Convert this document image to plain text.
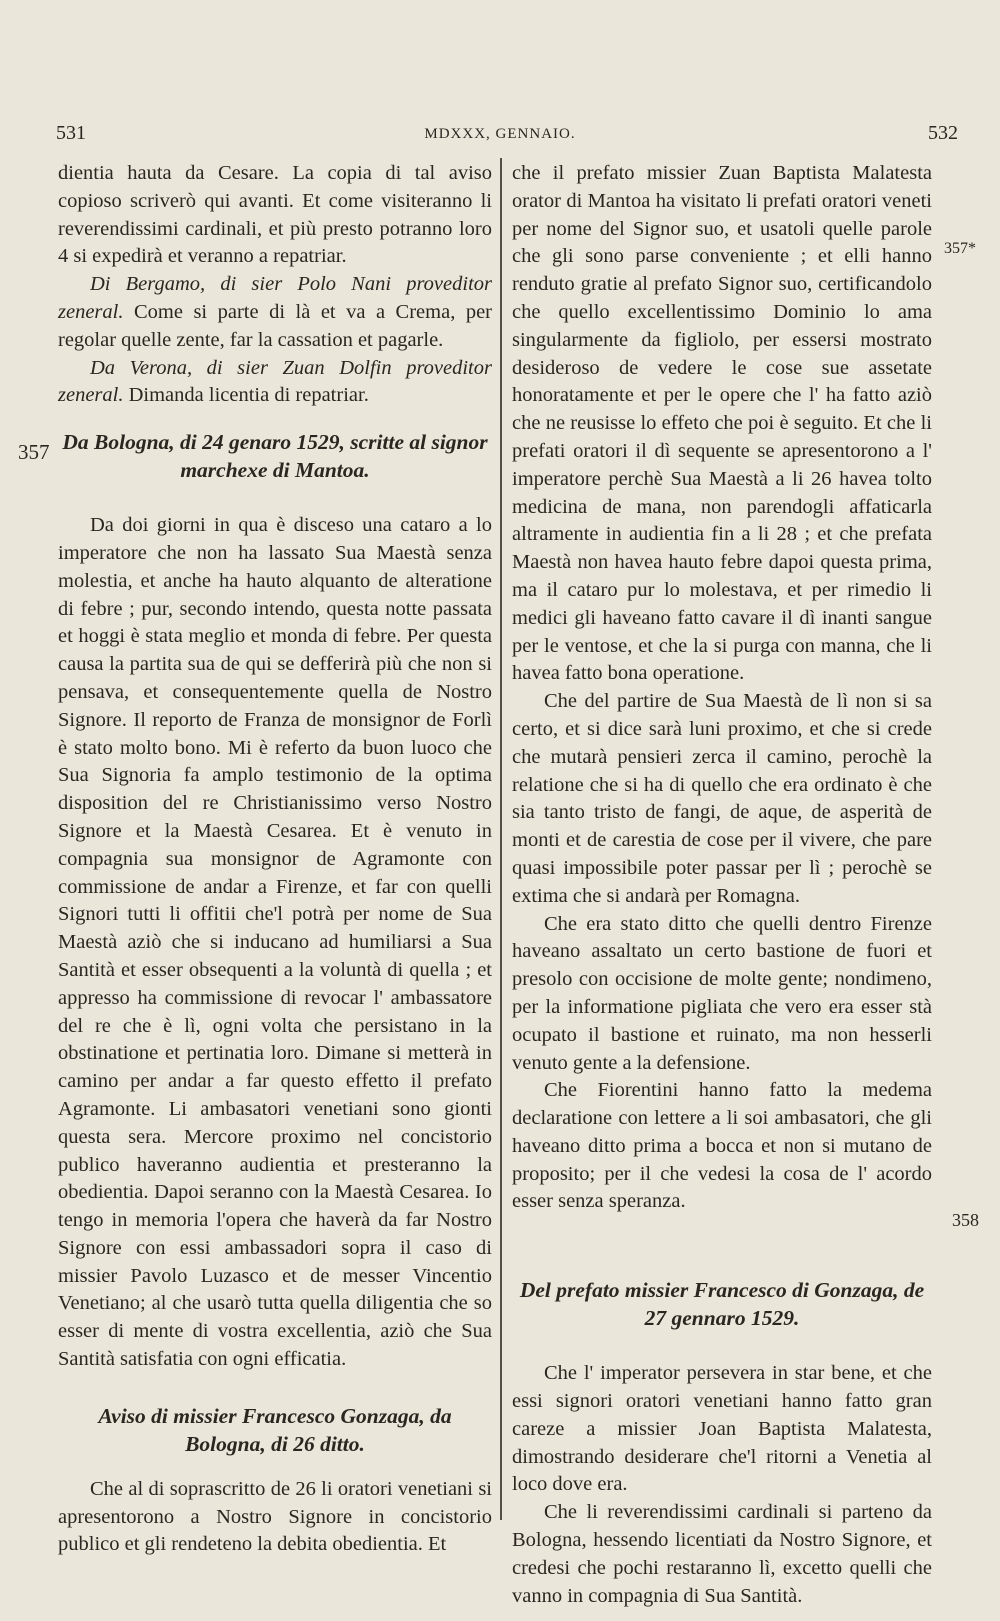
531	MDXXX, GENNAIO.	532
357
357*
358

dientia hauta da Cesare. La copia di tal aviso copioso scriverò qui avanti. Et come visiteranno li reverendissimi cardinali, et più presto potranno loro 4 si expedirà et veranno a repatriar.

Di Bergamo, di sier Polo Nani proveditor zeneral. Come si parte di là et va a Crema, per regolar quelle zente, far la cassation et pagarle.

Da Verona, di sier Zuan Dolfin proveditor zeneral. Dimanda licentia di repatriar.

Da Bologna, di 24 genaro 1529, scritte al signor marchexe di Mantoa.

Da doi giorni in qua è disceso una cataro a lo imperatore che non ha lassato Sua Maestà senza molestia, et anche ha hauto alquanto de alteratione di febre ; pur, secondo intendo, questa notte passata et hoggi è stata meglio et monda di febre. Per questa causa la partita sua de qui se defferirà più che non si pensava, et consequentemente quella de Nostro Signore. Il reporto de Franza de monsignor de Forlì è stato molto bono. Mi è referto da buon luoco che Sua Signoria fa amplo testimonio de la optima disposition del re Christianissimo verso Nostro Signore et la Maestà Cesarea. Et è venuto in compagnia sua monsignor de Agramonte con commissione de andar a Firenze, et far con quelli Signori tutti li offitii che'l potrà per nome de Sua Maestà aziò che si inducano ad humiliarsi a Sua Santità et esser obsequenti a la voluntà di quella ; et appresso ha commissione di revocar l' ambassatore del re che è lì, ogni volta che persistano in la obstinatione et pertinatia loro. Dimane si metterà in camino per andar a far questo effetto il prefato Agramonte. Li ambasatori venetiani sono gionti questa sera. Mercore proximo nel concistorio publico haveranno audientia et presteranno la obedientia. Dapoi seranno con la Maestà Cesarea. Io tengo in memoria l'opera che haverà da far Nostro Signore con essi ambassadori sopra il caso di missier Pavolo Luzasco et de messer Vincentio Venetiano; al che usarò tutta quella diligentia che so esser di mente di vostra excellentia, aziò che Sua Santità satisfatia con ogni efficatia.

Aviso di missier Francesco Gonzaga, da Bologna, di 26 ditto.

Che al di soprascritto de 26 li oratori venetiani si apresentorono a Nostro Signore in concistorio publico et gli rendeteno la debita obedientia. Et

che il prefato missier Zuan Baptista Malatesta orator di Mantoa ha visitato li prefati oratori veneti per nome del Signor suo, et usatoli quelle parole che gli sono parse conveniente ; et elli hanno renduto gratie al prefato Signor suo, certificandolo che quello excellentissimo Dominio lo ama singularmente da figliolo, per essersi mostrato desideroso de vedere le cose sue assetate honoratamente et per le opere che l' ha fatto aziò che ne reusisse lo effeto che poi è seguito. Et che li prefati oratori il dì sequente se apresentorono a l' imperatore perchè Sua Maestà a li 26 havea tolto medicina de mana, non parendogli affaticarla altramente in audientia fin a li 28 ; et che prefata Maestà non havea hauto febre dapoi questa prima, ma il cataro pur lo molestava, et per rimedio li medici gli haveano fatto cavare il dì inanti sangue per le ventose, et che la si purga con manna, che li havea fatto bona operatione.

Che del partire de Sua Maestà de lì non si sa certo, et si dice sarà luni proximo, et che si crede che mutarà pensieri zerca il camino, perochè la relatione che si ha di quello che era ordinato è che sia tanto tristo de fangi, de aque, de asperità de monti et de carestia de cose per il vivere, che pare quasi impossibile poter passar per lì ; perochè se extima che si andarà per Romagna.

Che era stato ditto che quelli dentro Firenze haveano assaltato un certo bastione de fuori et presolo con occisione de molte gente; nondimeno, per la informatione pigliata che vero era esser stà ocupato il bastione et ruinato, ma non hesserli venuto gente a la defensione.

Che Fiorentini hanno fatto la medema declaratione con lettere a li soi ambasatori, che gli haveano ditto prima a bocca et non si mutano de proposito; per il che vedesi la cosa de l' acordo esser senza speranza.

Del prefato missier Francesco di Gonzaga, de 27 gennaro 1529.

Che l' imperator persevera in star bene, et che essi signori oratori venetiani hanno fatto gran careze a missier Joan Baptista Malatesta, dimostrando desiderare che'l ritorni a Venetia al loco dove era.

Che li reverendissimi cardinali si parteno da Bologna, hessendo licentiati da Nostro Signore, et credesi che pochi restaranno lì, excetto quelli che vanno in compagnia di Sua Santità.
